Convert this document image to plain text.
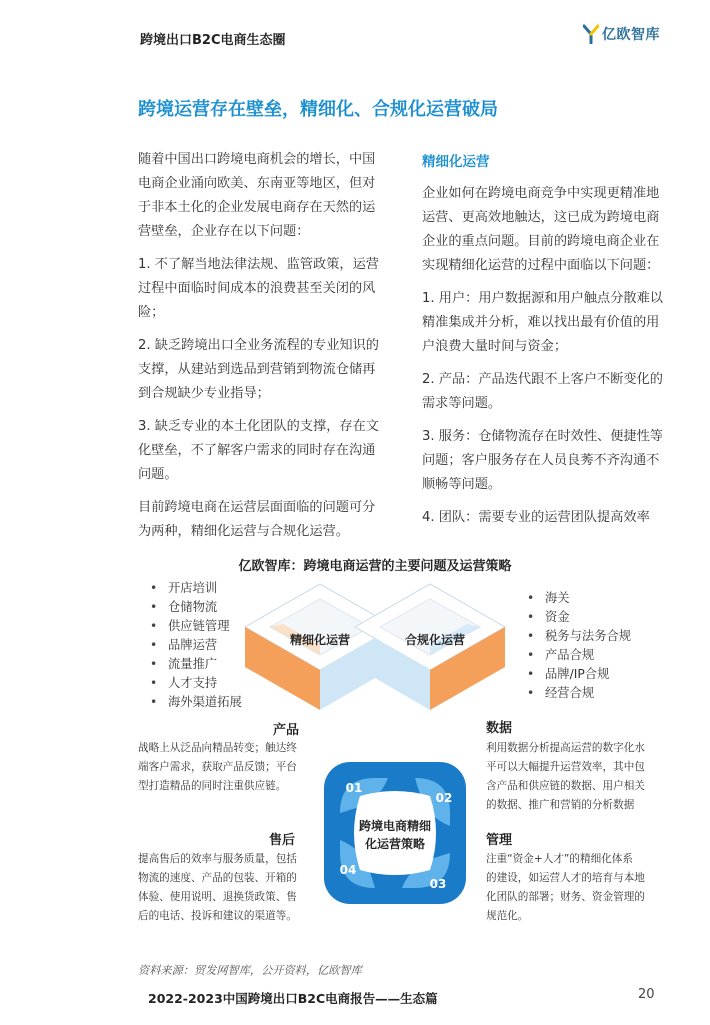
跨境出口B2C电商生态圈	亿欧智库
跨境运营存在壁垒，精细化、合规化运营破局

随着中国出口跨境电商机会的增长，中国电商企业涌向欧美、东南亚等地区，但对于非本土化的企业发展电商存在天然的运营壁垒，企业存在以下问题：

1. 不了解当地法律法规、监管政策，运营过程中面临时间成本的浪费甚至关闭的风险；

2. 缺乏跨境出口全业务流程的专业知识的支撑，从建站到选品到营销到物流仓储再到合规缺少专业指导；

3. 缺乏专业的本土化团队的支撑，存在文化壁垒，不了解客户需求的同时存在沟通问题。

目前跨境电商在运营层面面临的问题可分为两种，精细化运营与合规化运营。

精细化运营

企业如何在跨境电商竞争中实现更精准地运营、更高效地触达，这已成为跨境电商企业的重点问题。目前的跨境电商企业在实现精细化运营的过程中面临以下问题：

1. 用户：用户数据源和用户触点分散难以精准集成并分析，难以找出最有价值的用户浪费大量时间与资金；

2. 产品：产品迭代跟不上客户不断变化的需求等问题。

3. 服务：仓储物流存在时效性、便捷性等问题；客户服务存在人员良莠不齐沟通不顺畅等问题。

4. 团队：需要专业的运营团队提高效率

亿欧智库：跨境电商运营的主要问题及运营策略
• 开店培训
• 仓储物流
• 供应链管理
• 品牌运营
• 流量推广
• 人才支持
• 海外渠道拓展
• 海关
• 资金
• 税务与法务合规
• 产品合规
• 品牌/IP合规
• 经营合规
精细化运营	合规化运营
产品
战略上从泛品向精品转变；触达终
端客户需求，获取产品反馈；平台
型打造精品的同时注重供应链。
数据
利用数据分析提高运营的数字化水
平可以大幅提升运营效率，其中包
含产品和供应链的数据、用户相关
的数据、推广和营销的分析数据
售后
提高售后的效率与服务质量，包括
物流的速度、产品的包装、开箱的
体验、使用说明、退换货政策、售
后的电话、投诉和建议的渠道等。
管理
注重“资金+人才”的精细化体系
的建设，如运营人才的培育与本地
化团队的部署；财务、资金管理的
规范化。
跨境电商精细
化运营策略
01
02
03
04
资料来源：贸发网智库，公开资料，亿欧智库
2022-2023中国跨境出口B2C电商报告——生态篇	20
